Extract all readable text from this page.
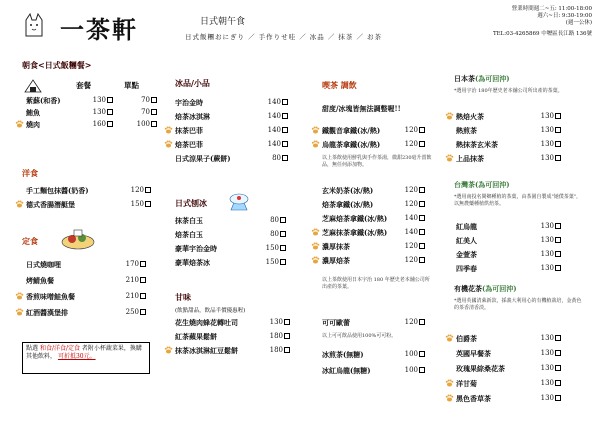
一茶軒	日式朝午食
日式飯糰おにぎり ／ 手作りせ哇 ／ 冰品 ／ 抹茶 ／ お茶
營業時間週二~五: 11:00-18:00
週六~日: 9:30-19:00
(週一公休)
TEL:03-4265869 中壢區長江路 136號
朝食<日式飯糰餐>
套餐	單點
紫蘇(和香)	130	70
鮪魚	130	70
燒肉	160	100
洋食
手工麵包抹醬(奶香)	120
德式香腸潛艇堡	150
定食
日式燒咖哩	170
烤鯖魚餐	210
香煎味噌鮭魚餐	210
紅酒醬漢堡排	250
點選 和食/洋食/定食 者附小杯蔬菜果，換購其他飲料， 可折抵30元。
冰品/小品
宇治金時	140
焙茶冰淇淋	140
抹茶巴菲	140
焙茶巴菲	140
日式涼果子(蕨餅)	80
日式刨冰
抹茶白玉	80
焙茶白玉	80
豪華宇治金時	150
豪華焙茶冰	150
甘味
(飲點甜品，飲品半價優惠喔)
花生燒肉蜂花轉吐司	130
紅茶蘋果鬆餅	180
抹茶冰淇淋紅豆鬆餅	180
喫茶 調飲
甜度/冰塊皆無法調整喔!!
鐵觀音拿鐵(冰/熱)	120
烏龍茶拿鐵(冰/熱)	120
以上茶飲使用鮮乳與手作茶湯，微甜230毫升當飲品，無任何添加物。
玄米奶茶(冰/熱)	120
焙茶拿鐵(冰/熱)	120
芝麻焙茶拿鐵(冰/熱)	140
芝麻抹茶拿鐵(冰/熱)	140
濃厚抹茶	120
濃厚焙茶	120
以上茶飲使用日本宇治 180 年歷史老本舖公司所出產的茶葉。
可可歐蕾	120
以上可可飲品使用100%可可粉。
冰煎茶(無糖)	100
冰紅烏龍(無糖)	100
日本茶(為可回沖)
*選用宇治 180年歷史老本舖公司所出產的茶葉。
熱焙火茶	130
熱煎茶	130
熱抹茶玄米茶	130
上品抹茶	130
台灣茶(為可回沖)
*選用南投名間鄉種植的茶葉，由茶園自製成"她僕茶葉"，以無農藥種植烘焙茶。
紅烏龍	130
紅美人	130
金萱茶	130
四季春	130
有機花茶(為可回沖)
*選用英國清萊新款，採義大利用心的有機植栽培，金黃色的茶香清香淡。
伯爵茶	130
英國早餐茶	130
玫瑰果綜桑花茶	130
洋甘菊	130
黑色香草茶	130
